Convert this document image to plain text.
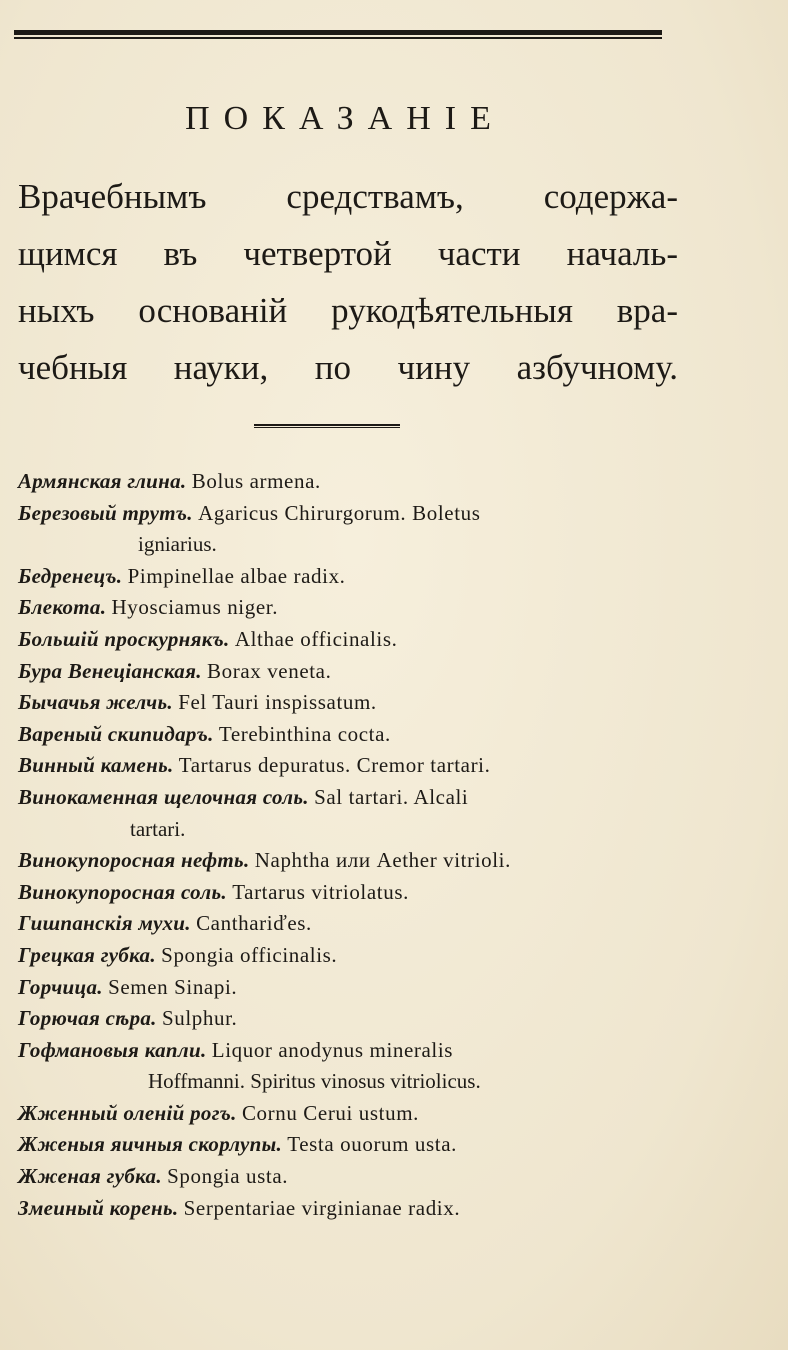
ПОКАЗАНІЕ

Врачебнымъ средствамъ, содержа-
щимся въ четвертой части началь-
ныхъ основаній рукодѣятельныя вра-
чебныя науки, по чину азбучному.

Армянская глина. Bolus armena.
Березовый трутъ. Agaricus Chirurgorum. Boletus
igniarius.
Бедренецъ. Pimpinellae albae radix.
Блекота. Hyosciamus niger.
Большій проскурнякъ. Althae officinalis.
Бура Венеціанская. Borax veneta.
Бычачья желчь. Fel Tauri inspissatum.
Вареный скипидаръ. Terebinthina cocta.
Винный камень. Tartarus depuratus. Cremor tartari.
Винокаменная щелочная соль. Sal tartari. Alcali
tartari.
Винокупоросная нефть. Naphtha или Aether vitrioli.
Винокупоросная соль. Tartarus vitriolatus.
Гишпанскія мухи. Canthariďes.
Грецкая губка. Spongia officinalis.
Горчица. Semen Sinapi.
Горючая сѣра. Sulphur.
Гофмановыя капли. Liquor anodynus mineralis
Hoffmanni. Spiritus vinosus vitriolicus.
Жженный оленій рогъ. Cornu Cerui ustum.
Жженыя яичныя скорлупы. Testa ouorum usta.
Жженая губка. Spongia usta.
Змеиный корень. Serpentariae virginianae radix.
